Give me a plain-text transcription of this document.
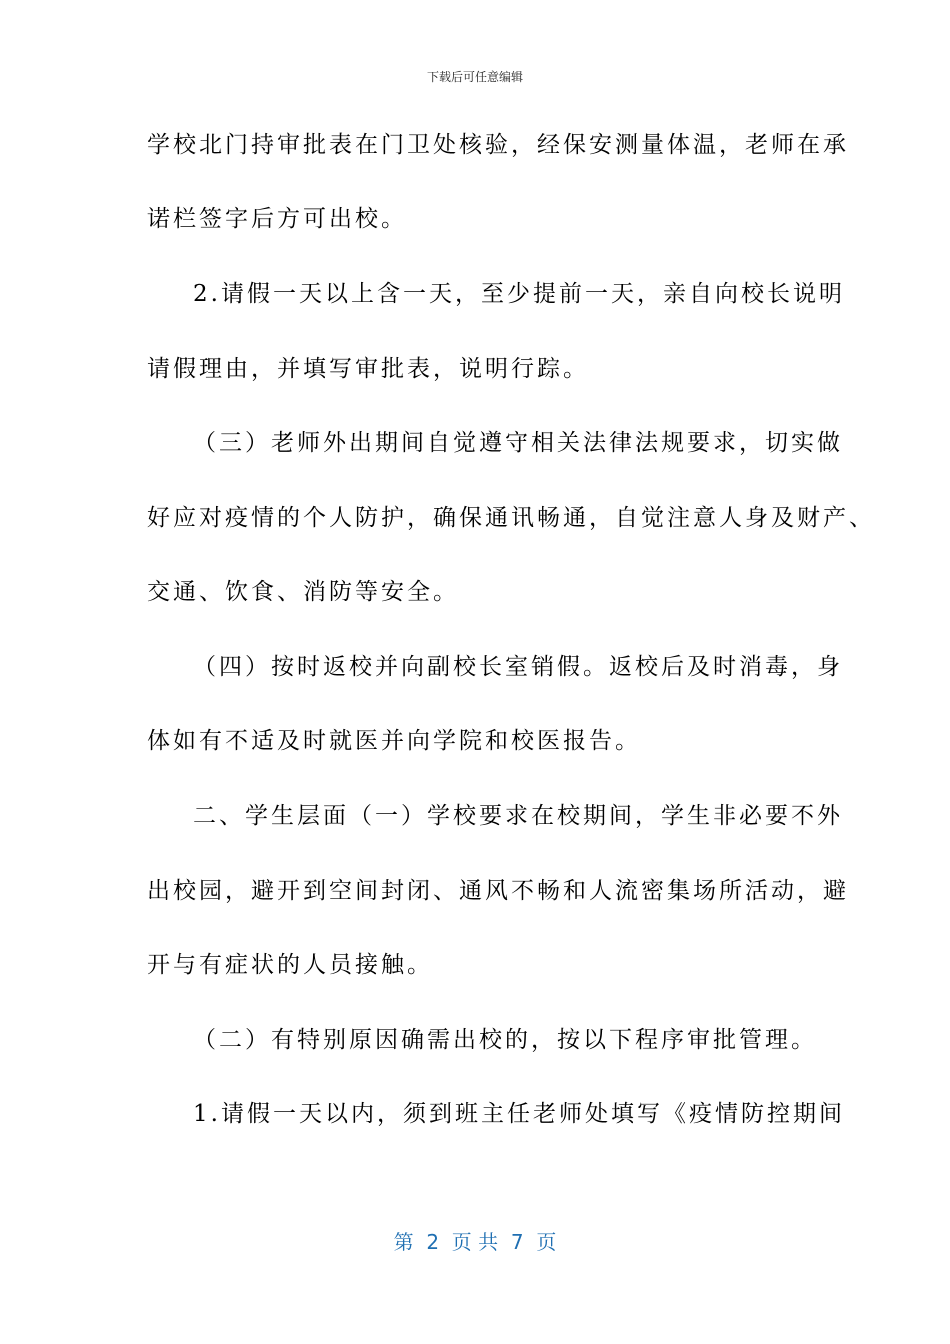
下载后可任意编辑
学校北门持审批表在门卫处核验，经保安测量体温，老师在承
诺栏签字后方可出校。
2.请假一天以上含一天，至少提前一天，亲自向校长说明
请假理由，并填写审批表，说明行踪。
（三）老师外出期间自觉遵守相关法律法规要求，切实做
好应对疫情的个人防护，确保通讯畅通，自觉注意人身及财产、
交通、饮食、消防等安全。
（四）按时返校并向副校长室销假。返校后及时消毒，身
体如有不适及时就医并向学院和校医报告。
二、学生层面（一）学校要求在校期间，学生非必要不外
出校园，避开到空间封闭、通风不畅和人流密集场所活动，避
开与有症状的人员接触。
（二）有特别原因确需出校的，按以下程序审批管理。
1.请假一天以内，须到班主任老师处填写《疫情防控期间
第  2  页 共  7  页
